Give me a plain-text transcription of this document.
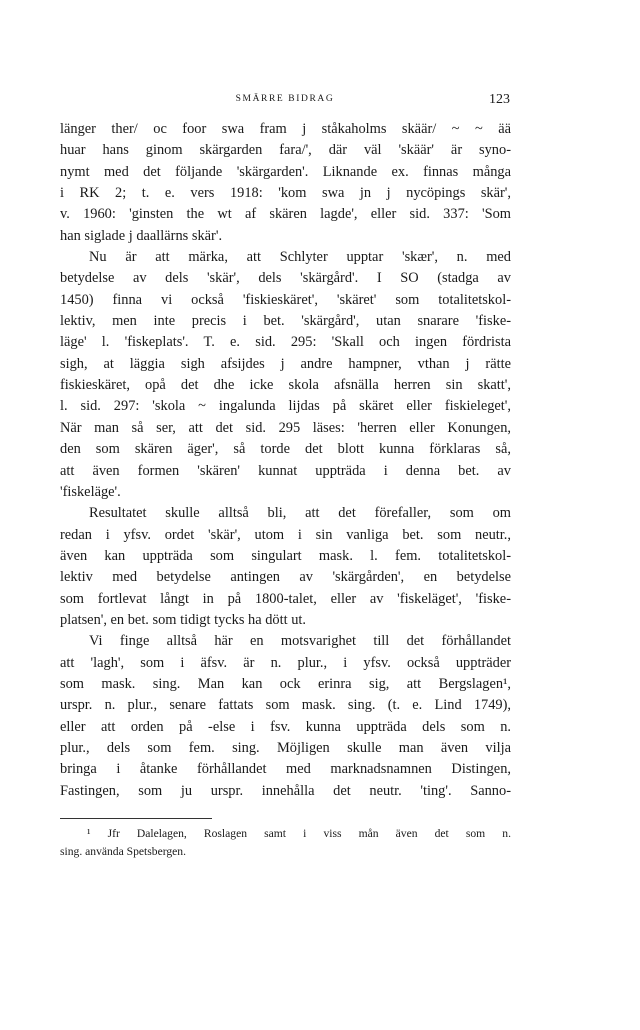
SMÄRRE BIDRAG	123
länger ther/ oc foor swa fram j ståkaholms skäär/ ~ ~ ää
huar hans ginom skärgarden fara/', där väl 'skäär' är syno-
nymt med det följande 'skärgarden'. Liknande ex. finnas många
i RK 2; t. e. vers 1918: 'kom swa jn j nycöpings skär',
v. 1960: 'ginsten the wt af skären lagde', eller sid. 337: 'Som
han siglade j daallärns skär'.
Nu är att märka, att Schlyter upptar 'skær', n. med
betydelse av dels 'skär', dels 'skärgård'. I SO (stadga av
1450) finna vi också 'fiskieskäret', 'skäret' som totalitetskol-
lektiv, men inte precis i bet. 'skärgård', utan snarare 'fiske-
läge' l. 'fiskeplats'. T. e. sid. 295: 'Skall och ingen fördrista
sigh, at läggia sigh afsijdes j andre hampner, vthan j rätte
fiskieskäret, opå det dhe icke skola afsnälla herren sin skatt',
l. sid. 297: 'skola ~ ingalunda lijdas på skäret eller fiskieleget',
När man så ser, att det sid. 295 läses: 'herren eller Konungen,
den som skären äger', så torde det blott kunna förklaras så,
att även formen 'skären' kunnat uppträda i denna bet. av
'fiskeläge'.
Resultatet skulle alltså bli, att det förefaller, som om
redan i yfsv. ordet 'skär', utom i sin vanliga bet. som neutr.,
även kan uppträda som singulart mask. l. fem. totalitetskol-
lektiv med betydelse antingen av 'skärgården', en betydelse
som fortlevat långt in på 1800-talet, eller av 'fiskeläget', 'fiske-
platsen', en bet. som tidigt tycks ha dött ut.
Vi finge alltså här en motsvarighet till det förhållandet
att 'lagh', som i äfsv. är n. plur., i yfsv. också uppträder
som mask. sing. Man kan ock erinra sig, att Bergslagen¹,
urspr. n. plur., senare fattats som mask. sing. (t. e. Lind 1749),
eller att orden på -else i fsv. kunna uppträda dels som n.
plur., dels som fem. sing. Möjligen skulle man även vilja
bringa i åtanke förhållandet med marknadsnamnen Distingen,
Fastingen, som ju urspr. innehålla det neutr. 'ting'. Sanno-
¹ Jfr Dalelagen, Roslagen samt i viss mån även det som n.
sing. använda Spetsbergen.
